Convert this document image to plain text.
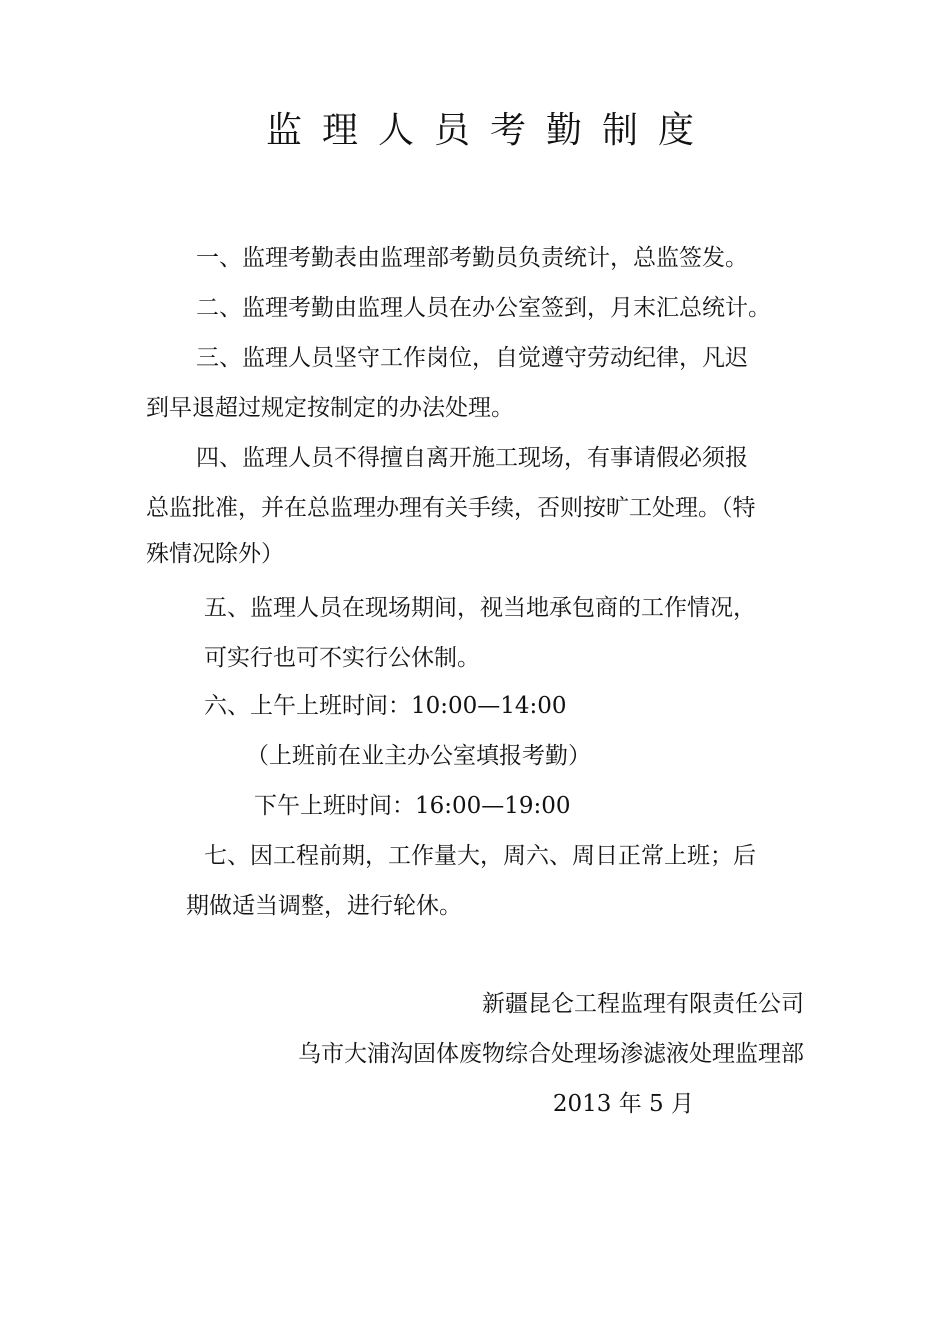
监理人员考勤制度
一、监理考勤表由监理部考勤员负责统计，总监签发。
二、监理考勤由监理人员在办公室签到，月末汇总统计。
三、监理人员坚守工作岗位，自觉遵守劳动纪律，凡迟
到早退超过规定按制定的办法处理。
四、监理人员不得擅自离开施工现场，有事请假必须报
总监批准，并在总监理办理有关手续，否则按旷工处理。（特
殊情况除外）
五、监理人员在现场期间，视当地承包商的工作情况，
可实行也可不实行公休制。
六、上午上班时间：10:00—14:00
（上班前在业主办公室填报考勤）
下午上班时间：16:00—19:00
七、因工程前期，工作量大，周六、周日正常上班；后
期做适当调整，进行轮休。
新疆昆仑工程监理有限责任公司
乌市大浦沟固体废物综合处理场渗滤液处理监理部
2013 年 5 月
